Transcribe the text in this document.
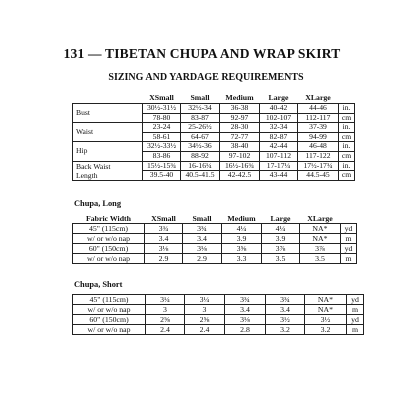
131 — TIBETAN CHUPA AND WRAP SKIRT
SIZING AND YARDAGE REQUIREMENTS
	XSmall	Small	Medium	Large	XLarge	
Bust	30½-31½	32½-34	36-38	40-42	44-46	in.
	78-80	83-87	92-97	102-107	112-117	cm
Waist	23-24	25-26½	28-30	32-34	37-39	in.
	58-61	64-67	72-77	82-87	94-99	cm
Hip	32½-33½	34½-36	38-40	42-44	46-48	in.
	83-86	88-92	97-102	107-112	117-122	cm
Back Waist
Length	15½-15¾	16-16¼	16½-16¾	17-17¼	17½-17¾	in.
	39.5-40	40.5-41.5	42-42.5	43-44	44.5-45	cm
Chupa, Long
Fabric Width	XSmall	Small	Medium	Large	XLarge	
45" (115cm)	3¾	3¾	4¼	4¼	NA*	yd
w/ or w/o nap	3.4	3.4	3.9	3.9	NA*	m
60" (150cm)	3⅛	3⅛	3⅝	3⅞	3⅞	yd
w/ or w/o nap	2.9	2.9	3.3	3.5	3.5	m
Chupa, Short
45" (115cm)	3¼	3¼	3¾	3¾	NA*	yd
w/ or w/o nap	3	3	3.4	3.4	NA*	m
60" (150cm)	2⅝	2⅝	3⅛	3½	3½	yd
w/ or w/o nap	2.4	2.4	2.8	3.2	3.2	m
